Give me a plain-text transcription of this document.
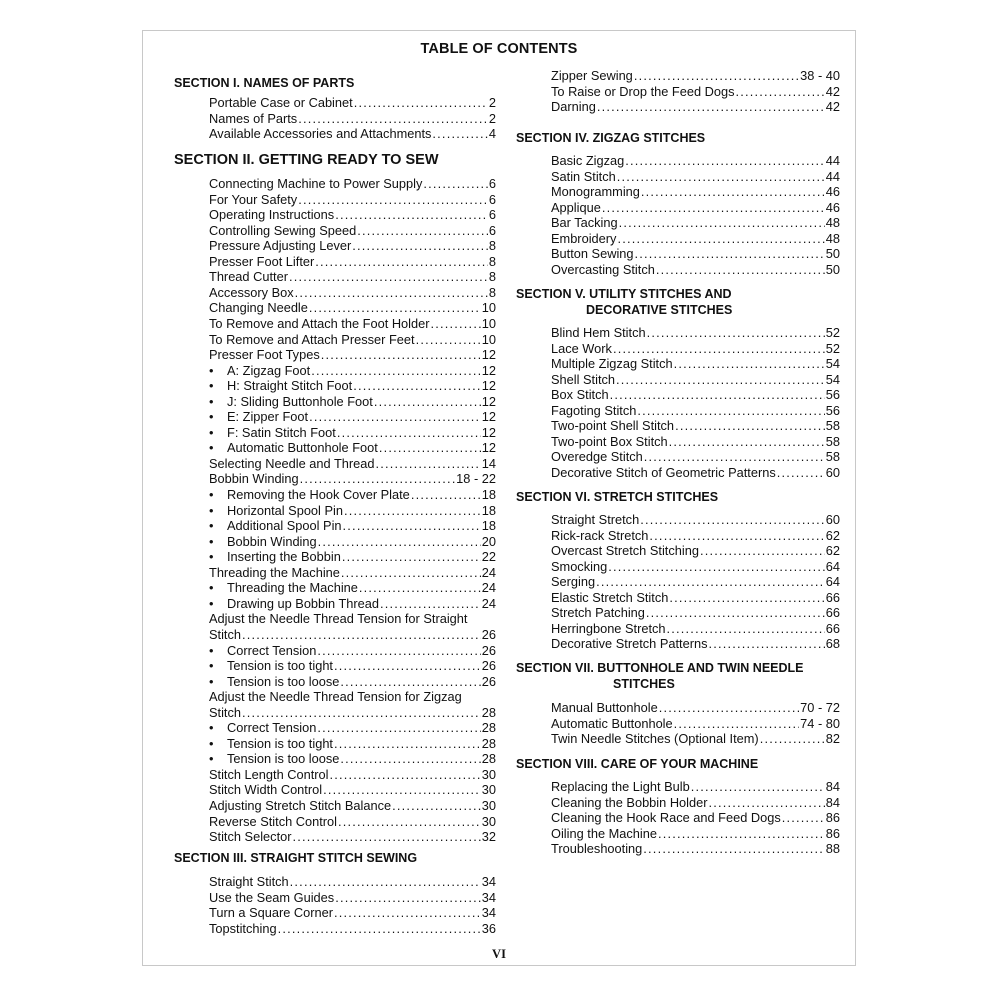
TABLE OF CONTENTS
SECTION I. NAMES OF PARTS
Portable Case or Cabinet .....	2
Names of Parts .....	2
Available Accessories and Attachments .....	4
SECTION II. GETTING READY TO SEW
Connecting Machine to Power Supply .....	6
For Your Safety .....	6
Operating Instructions .....	6
Controlling Sewing Speed .....	6
Pressure Adjusting Lever .....	8
Presser Foot Lifter .....	8
Thread Cutter .....	8
Accessory Box .....	8
Changing Needle .....	10
To Remove and Attach the Foot Holder .....	10
To Remove and Attach Presser Feet .....	10
Presser Foot Types .....	12
•	A: Zigzag Foot .....	12
•	H: Straight Stitch Foot .....	12
•	J: Sliding Buttonhole Foot .....	12
•	E: Zipper Foot .....	12
•	F: Satin Stitch Foot .....	12
•	Automatic Buttonhole Foot .....	12
Selecting Needle and Thread .....	14
Bobbin Winding .....	18 - 22
•	Removing the Hook Cover Plate .....	18
•	Horizontal Spool Pin .....	18
•	Additional Spool Pin .....	18
•	Bobbin Winding .....	20
•	Inserting the Bobbin .....	22
Threading the Machine .....	24
•	Threading the Machine .....	24
•	Drawing up Bobbin Thread .....	24
Adjust the Needle Thread Tension for Straight
Stitch .....	26
•	Correct Tension .....	26
•	Tension is too tight .....	26
•	Tension is too loose .....	26
Adjust the Needle Thread Tension for Zigzag
Stitch .....	28
•	Correct Tension .....	28
•	Tension is too tight .....	28
•	Tension is too loose .....	28
Stitch Length Control .....	30
Stitch Width Control .....	30
Adjusting Stretch Stitch Balance .....	30
Reverse Stitch Control .....	30
Stitch Selector .....	32
SECTION III. STRAIGHT STITCH SEWING
Straight Stitch .....	34
Use the Seam Guides .....	34
Turn a Square Corner .....	34
Topstitching .....	36
Zipper Sewing .....	38 - 40
To Raise or Drop the Feed Dogs .....	42
Darning .....	42
SECTION IV. ZIGZAG STITCHES
Basic Zigzag .....	44
Satin Stitch .....	44
Monogramming .....	46
Applique .....	46
Bar Tacking .....	48
Embroidery .....	48
Button Sewing .....	50
Overcasting Stitch .....	50
SECTION V. UTILITY STITCHES AND
DECORATIVE STITCHES
Blind Hem Stitch .....	52
Lace Work .....	52
Multiple Zigzag Stitch .....	54
Shell Stitch .....	54
Box Stitch .....	56
Fagoting Stitch .....	56
Two-point Shell Stitch .....	58
Two-point Box Stitch .....	58
Overedge Stitch .....	58
Decorative Stitch of Geometric Patterns .....	60
SECTION VI. STRETCH STITCHES
Straight Stretch .....	60
Rick-rack Stretch .....	62
Overcast Stretch Stitching .....	62
Smocking .....	64
Serging .....	64
Elastic Stretch Stitch .....	66
Stretch Patching .....	66
Herringbone Stretch .....	66
Decorative Stretch Patterns .....	68
SECTION VII. BUTTONHOLE AND TWIN NEEDLE
STITCHES
Manual Buttonhole .....	70 - 72
Automatic Buttonhole .....	74 - 80
Twin Needle Stitches (Optional Item) .....	82
SECTION VIII. CARE OF YOUR MACHINE
Replacing the Light Bulb .....	84
Cleaning the Bobbin Holder .....	84
Cleaning the Hook Race and Feed Dogs .....	86
Oiling the Machine .....	86
Troubleshooting .....	88
VI
